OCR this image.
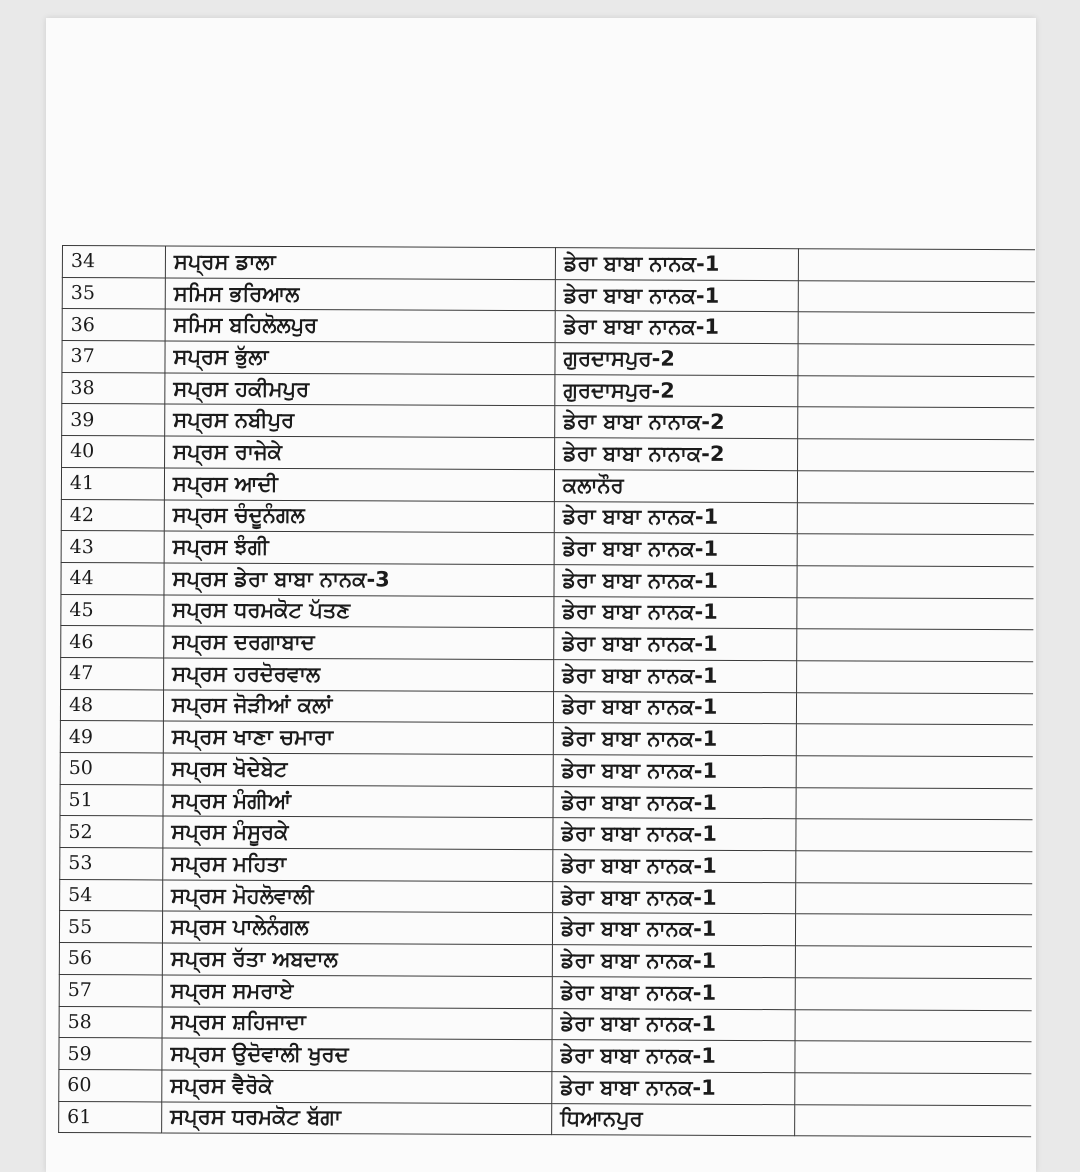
34	ਸਪ੍ਰਸ ਡਾਲਾ	ਡੇਰਾ ਬਾਬਾ ਨਾਨਕ-1	
35	ਸਮਿਸ ਭਰਿਆਲ	ਡੇਰਾ ਬਾਬਾ ਨਾਨਕ-1	
36	ਸਮਿਸ ਬਹਿਲੋਲਪੁਰ	ਡੇਰਾ ਬਾਬਾ ਨਾਨਕ-1	
37	ਸਪ੍ਰਸ ਭੁੱਲਾ	ਗੁਰਦਾਸਪੁਰ-2	
38	ਸਪ੍ਰਸ ਹਕੀਮਪੁਰ	ਗੁਰਦਾਸਪੁਰ-2	
39	ਸਪ੍ਰਸ ਨਬੀਪੁਰ	ਡੇਰਾ ਬਾਬਾ ਨਾਨਾਕ-2	
40	ਸਪ੍ਰਸ ਰਾਜੇਕੇ	ਡੇਰਾ ਬਾਬਾ ਨਾਨਾਕ-2	
41	ਸਪ੍ਰਸ ਆਦੀ	ਕਲਾਨੌਰ	
42	ਸਪ੍ਰਸ ਚੰਦੂਨੰਗਲ	ਡੇਰਾ ਬਾਬਾ ਨਾਨਕ-1	
43	ਸਪ੍ਰਸ ਝੰਗੀ	ਡੇਰਾ ਬਾਬਾ ਨਾਨਕ-1	
44	ਸਪ੍ਰਸ ਡੇਰਾ ਬਾਬਾ ਨਾਨਕ-3	ਡੇਰਾ ਬਾਬਾ ਨਾਨਕ-1	
45	ਸਪ੍ਰਸ ਧਰਮਕੋਟ ਪੱਤਣ	ਡੇਰਾ ਬਾਬਾ ਨਾਨਕ-1	
46	ਸਪ੍ਰਸ ਦਰਗਾਬਾਦ	ਡੇਰਾ ਬਾਬਾ ਨਾਨਕ-1	
47	ਸਪ੍ਰਸ ਹਰਦੋਰਵਾਲ	ਡੇਰਾ ਬਾਬਾ ਨਾਨਕ-1	
48	ਸਪ੍ਰਸ ਜੋੜੀਆਂ ਕਲਾਂ	ਡੇਰਾ ਬਾਬਾ ਨਾਨਕ-1	
49	ਸਪ੍ਰਸ ਖਾਣਾ ਚਮਾਰਾ	ਡੇਰਾ ਬਾਬਾ ਨਾਨਕ-1	
50	ਸਪ੍ਰਸ ਖੋਦੇਬੇਟ	ਡੇਰਾ ਬਾਬਾ ਨਾਨਕ-1	
51	ਸਪ੍ਰਸ ਮੰਗੀਆਂ	ਡੇਰਾ ਬਾਬਾ ਨਾਨਕ-1	
52	ਸਪ੍ਰਸ ਮੰਸੂਰਕੇ	ਡੇਰਾ ਬਾਬਾ ਨਾਨਕ-1	
53	ਸਪ੍ਰਸ ਮਹਿਤਾ	ਡੇਰਾ ਬਾਬਾ ਨਾਨਕ-1	
54	ਸਪ੍ਰਸ ਮੋਹਲੋਵਾਲੀ	ਡੇਰਾ ਬਾਬਾ ਨਾਨਕ-1	
55	ਸਪ੍ਰਸ ਪਾਲੇਨੰਗਲ	ਡੇਰਾ ਬਾਬਾ ਨਾਨਕ-1	
56	ਸਪ੍ਰਸ ਰੱਤਾ ਅਬਦਾਲ	ਡੇਰਾ ਬਾਬਾ ਨਾਨਕ-1	
57	ਸਪ੍ਰਸ ਸਮਰਾਏ	ਡੇਰਾ ਬਾਬਾ ਨਾਨਕ-1	
58	ਸਪ੍ਰਸ ਸ਼ਹਿਜਾਦਾ	ਡੇਰਾ ਬਾਬਾ ਨਾਨਕ-1	
59	ਸਪ੍ਰਸ ਉਦੋਵਾਲੀ ਖੁਰਦ	ਡੇਰਾ ਬਾਬਾ ਨਾਨਕ-1	
60	ਸਪ੍ਰਸ ਵੈਰੋਕੇ	ਡੇਰਾ ਬਾਬਾ ਨਾਨਕ-1	
61	ਸਪ੍ਰਸ ਧਰਮਕੋਟ ਬੱਗਾ	ਧਿਆਨਪੁਰ	
